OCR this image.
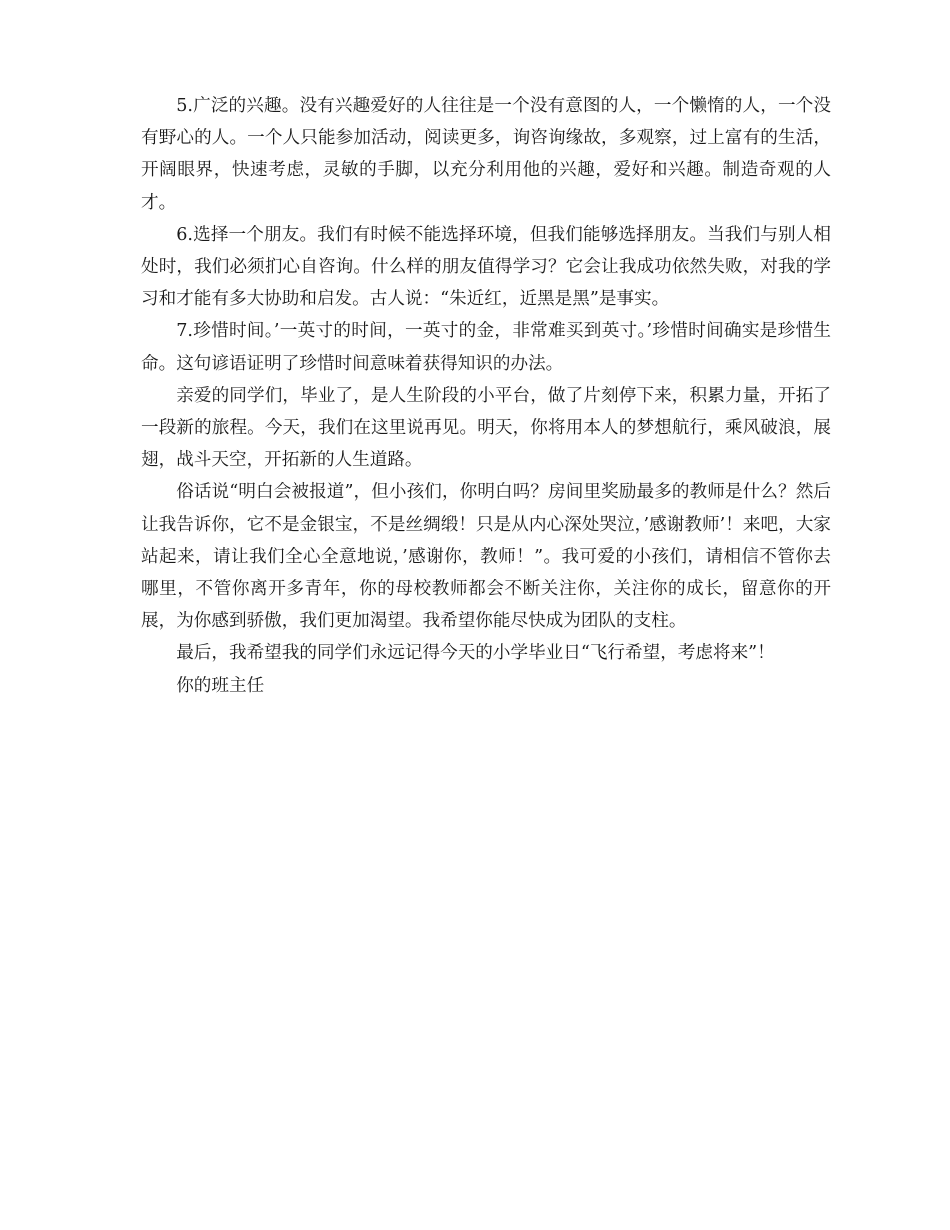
5.广泛的兴趣。没有兴趣爱好的人往往是一个没有意图的人，一个懒惰的人，一个没有野心的人。一个人只能参加活动，阅读更多，询咨询缘故，多观察，过上富有的生活，开阔眼界，快速考虑，灵敏的手脚，以充分利用他的兴趣，爱好和兴趣。制造奇观的人才。

6.选择一个朋友。我们有时候不能选择环境，但我们能够选择朋友。当我们与别人相处时，我们必须扪心自咨询。什么样的朋友值得学习？它会让我成功依然失败，对我的学习和才能有多大协助和启发。古人说：“朱近红，近黑是黑”是事实。

7.珍惜时间。’一英寸的时间，一英寸的金，非常难买到英寸。’珍惜时间确实是珍惜生命。这句谚语证明了珍惜时间意味着获得知识的办法。

亲爱的同学们，毕业了，是人生阶段的小平台，做了片刻停下来，积累力量，开拓了一段新的旅程。今天，我们在这里说再见。明天，你将用本人的梦想航行，乘风破浪，展翅，战斗天空，开拓新的人生道路。

俗话说“明白会被报道”，但小孩们，你明白吗？房间里奖励最多的教师是什么？然后让我告诉你，它不是金银宝，不是丝绸缎！只是从内心深处哭泣，’感谢教师’！来吧，大家站起来，请让我们全心全意地说，’感谢你，教师！”。我可爱的小孩们，请相信不管你去哪里，不管你离开多青年，你的母校教师都会不断关注你，关注你的成长，留意你的开展，为你感到骄傲，我们更加渴望。我希望你能尽快成为团队的支柱。

最后，我希望我的同学们永远记得今天的小学毕业日“飞行希望，考虑将来”！

你的班主任
